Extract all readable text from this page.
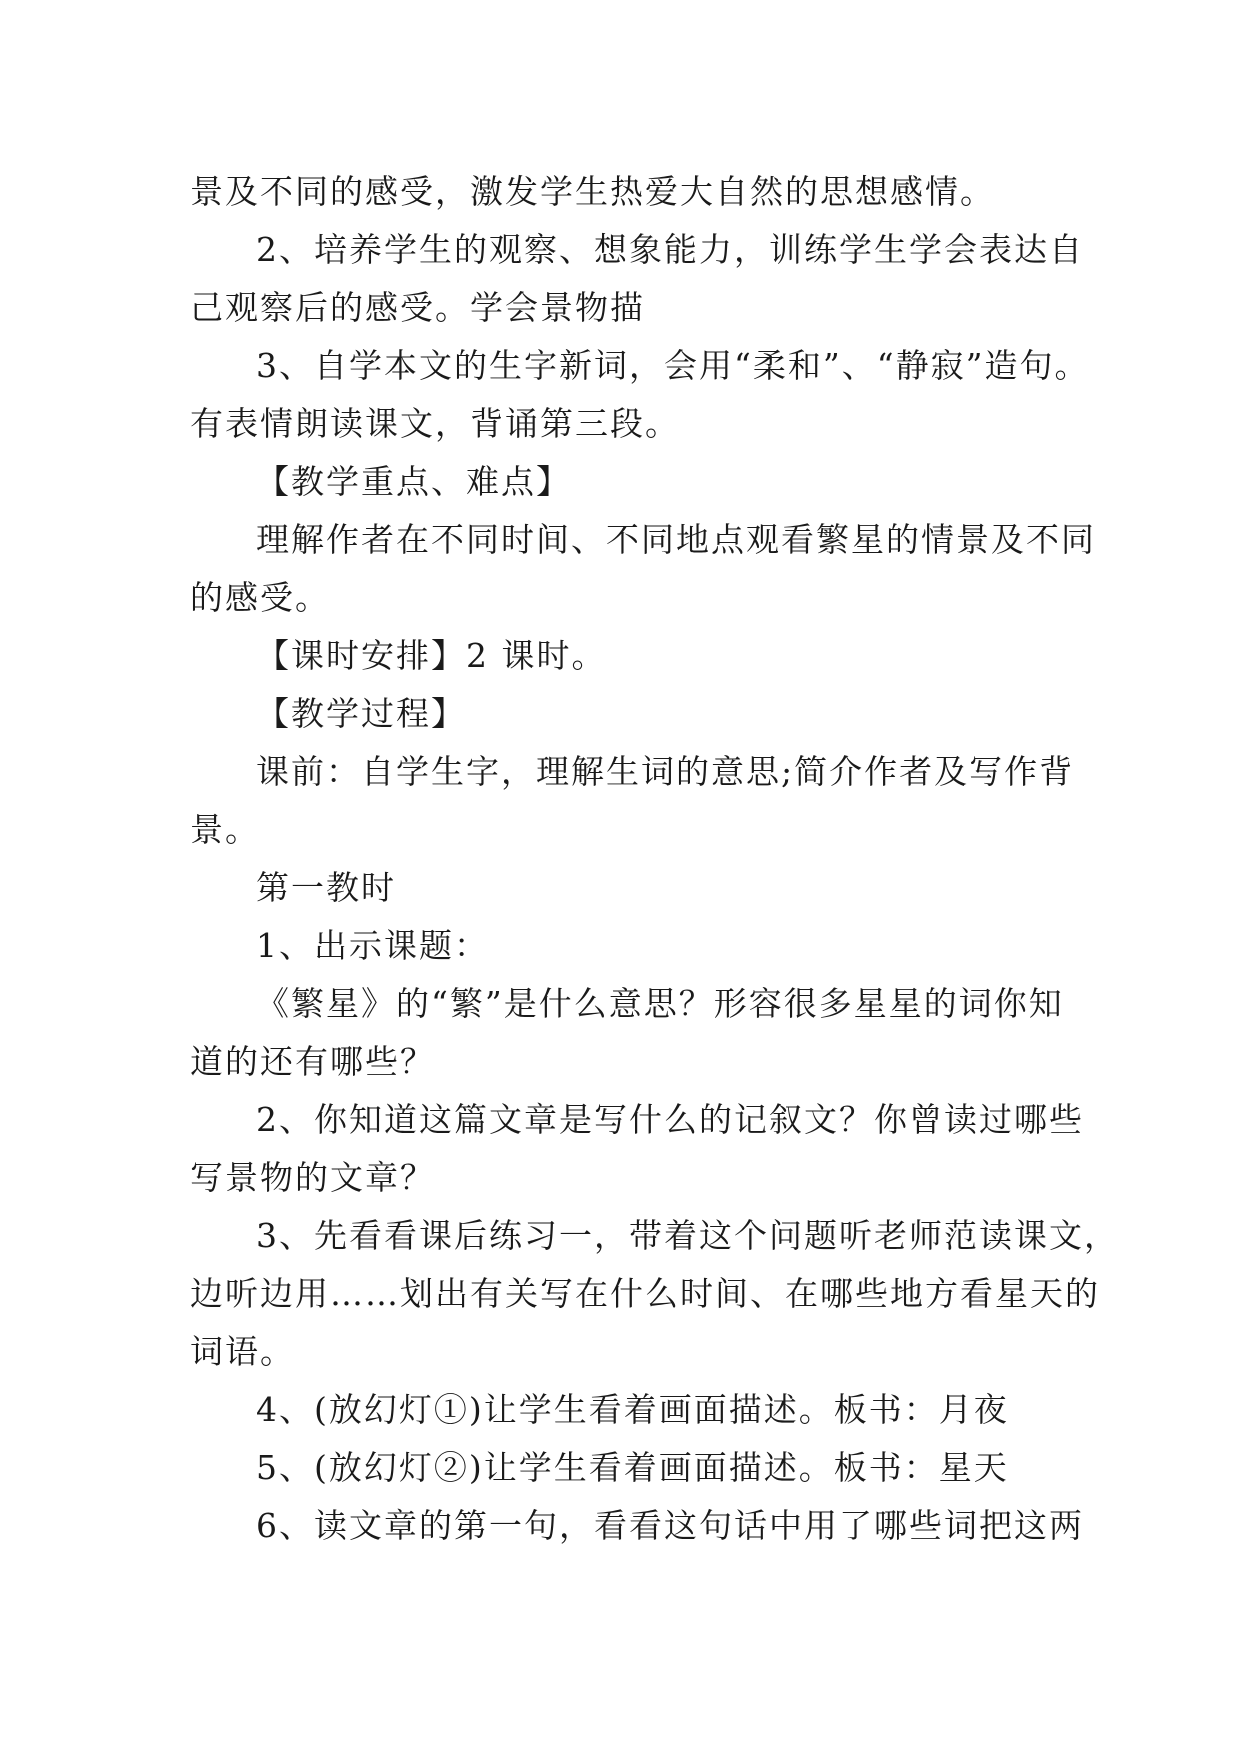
景及不同的感受，激发学生热爱大自然的思想感情。
2、培养学生的观察、想象能力，训练学生学会表达自
己观察后的感受。学会景物描
3、自学本文的生字新词，会用“柔和”、“静寂”造句。
有表情朗读课文，背诵第三段。
【教学重点、难点】
理解作者在不同时间、不同地点观看繁星的情景及不同
的感受。
【课时安排】2 课时。
【教学过程】
课前：自学生字，理解生词的意思;简介作者及写作背
景。
第一教时
1、出示课题：
《繁星》的“繁”是什么意思？形容很多星星的词你知
道的还有哪些？
2、你知道这篇文章是写什么的记叙文？你曾读过哪些
写景物的文章？
3、先看看课后练习一，带着这个问题听老师范读课文，
边听边用……划出有关写在什么时间、在哪些地方看星天的
词语。
4、(放幻灯①)让学生看着画面描述。板书：月夜
5、(放幻灯②)让学生看着画面描述。板书：星天
6、读文章的第一句，看看这句话中用了哪些词把这两
